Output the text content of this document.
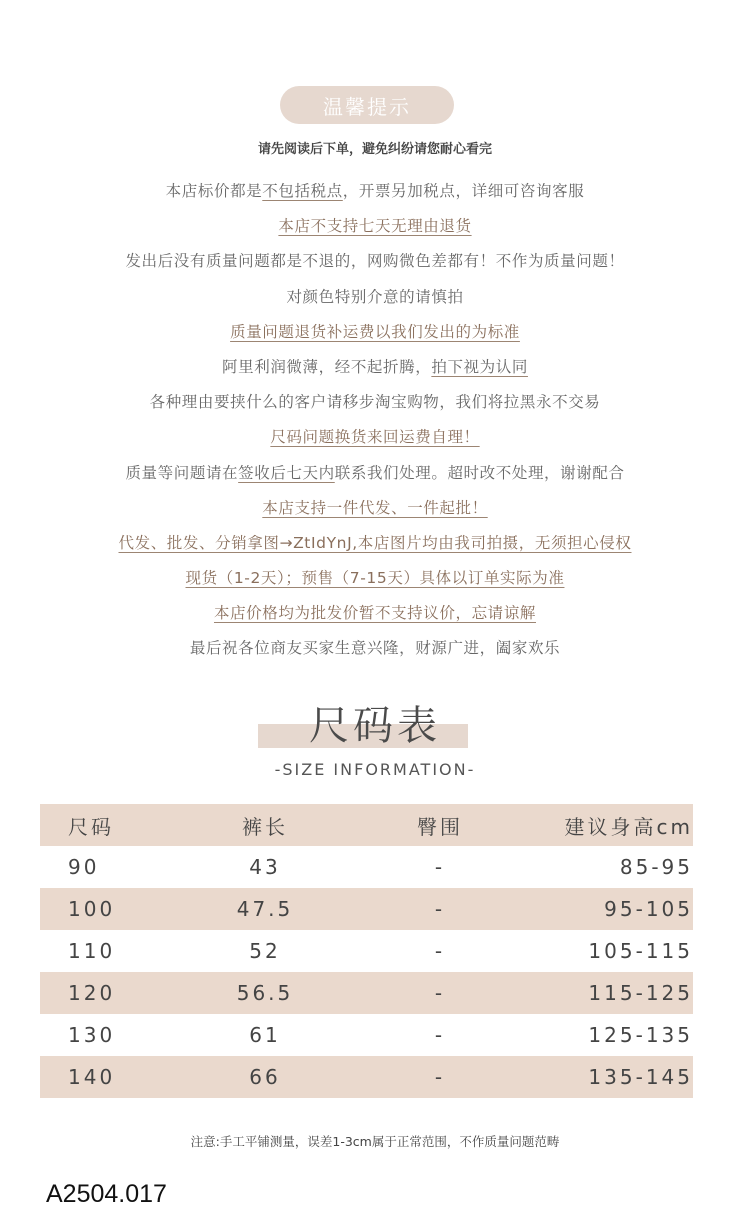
温馨提示
请先阅读后下单，避免纠纷请您耐心看完
本店标价都是不包括税点，开票另加税点，详细可咨询客服
本店不支持七天无理由退货
发出后没有质量问题都是不退的，网购微色差都有！不作为质量问题！
对颜色特别介意的请慎拍
质量问题退货补运费以我们发出的为标准
阿里利润微薄，经不起折腾，拍下视为认同
各种理由要挟什么的客户请移步淘宝购物，我们将拉黑永不交易
尺码问题换货来回运费自理！
质量等问题请在签收后七天内联系我们处理。超时改不处理，谢谢配合
本店支持一件代发、一件起批！
代发、批发、分销拿图→ZtIdYnJ,本店图片均由我司拍摄，无须担心侵权
现货（1-2天）；预售（7-15天）具体以订单实际为准
本店价格均为批发价暂不支持议价，忘请谅解
最后祝各位商友买家生意兴隆，财源广进，阖家欢乐
尺码表
-SIZE INFORMATION-
尺码	裤长	臀围	建议身高cm
90	43	-	85-95
100	47.5	-	95-105
110	52	-	105-115
120	56.5	-	115-125
130	61	-	125-135
140	66	-	135-145
注意:手工平铺测量，误差1-3cm属于正常范围，不作质量问题范畴
A2504.017
